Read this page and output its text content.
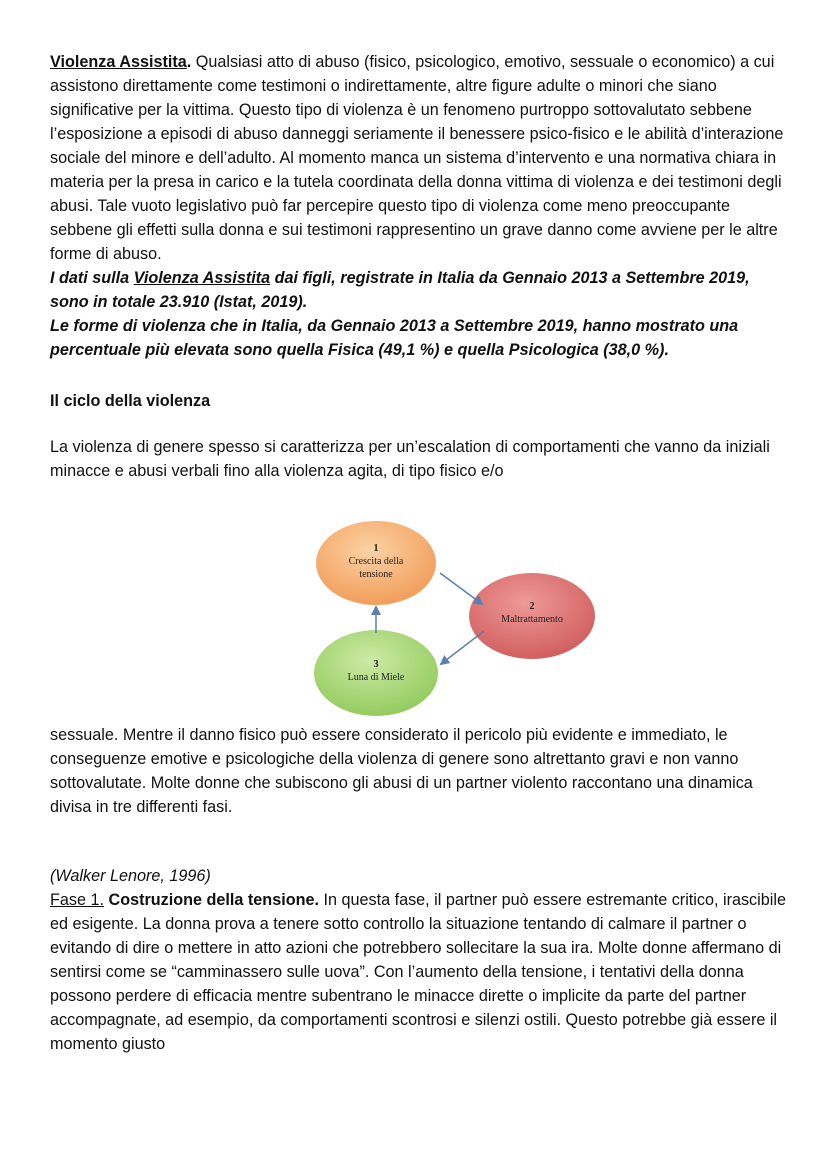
Violenza Assistita. Qualsiasi atto di abuso (fisico, psicologico, emotivo, sessuale o economico) a cui assistono direttamente come testimoni o indirettamente, altre figure adulte o minori che siano significative per la vittima. Questo tipo di violenza è un fenomeno purtroppo sottovalutato sebbene l’esposizione a episodi di abuso danneggi seriamente il benessere psico-fisico e le abilità d’interazione sociale del minore e dell’adulto. Al momento manca un sistema d’intervento e una normativa chiara in materia per la presa in carico e la tutela coordinata della donna vittima di violenza e dei testimoni degli abusi. Tale vuoto legislativo può far percepire questo tipo di violenza come meno preoccupante sebbene gli effetti sulla donna e sui testimoni rappresentino un grave danno come avviene per le altre forme di abuso.

I dati sulla Violenza Assistita dai figli, registrate in Italia da Gennaio 2013 a Settembre 2019, sono in totale 23.910 (Istat, 2019).

Le forme di violenza che in Italia, da Gennaio 2013 a Settembre 2019, hanno mostrato una percentuale più elevata sono quella Fisica (49,1 %) e quella Psicologica (38,0 %).

Il ciclo della violenza

La violenza di genere spesso si caratterizza per un’escalation di comportamenti che vanno da iniziali minacce e abusi verbali fino alla violenza agita, di tipo fisico e/o

1
Crescita della
tensione
2
Maltrattamento
3
Luna di Miele

sessuale. Mentre il danno fisico può essere considerato il pericolo più evidente e immediato, le conseguenze emotive e psicologiche della violenza di genere sono altrettanto gravi e non vanno sottovalutate. Molte donne che subiscono gli abusi di un partner violento raccontano una dinamica divisa in tre differenti fasi.

(Walker Lenore, 1996)

Fase 1. Costruzione della tensione. In questa fase, il partner può essere estremante critico, irascibile ed esigente. La donna prova a tenere sotto controllo la situazione tentando di calmare il partner o evitando di dire o mettere in atto azioni che potrebbero sollecitare la sua ira. Molte donne affermano di sentirsi come se “camminassero sulle uova”. Con l’aumento della tensione, i tentativi della donna possono perdere di efficacia mentre subentrano le minacce dirette o implicite da parte del partner accompagnate, ad esempio, da comportamenti scontrosi e silenzi ostili. Questo potrebbe già essere il momento giusto
